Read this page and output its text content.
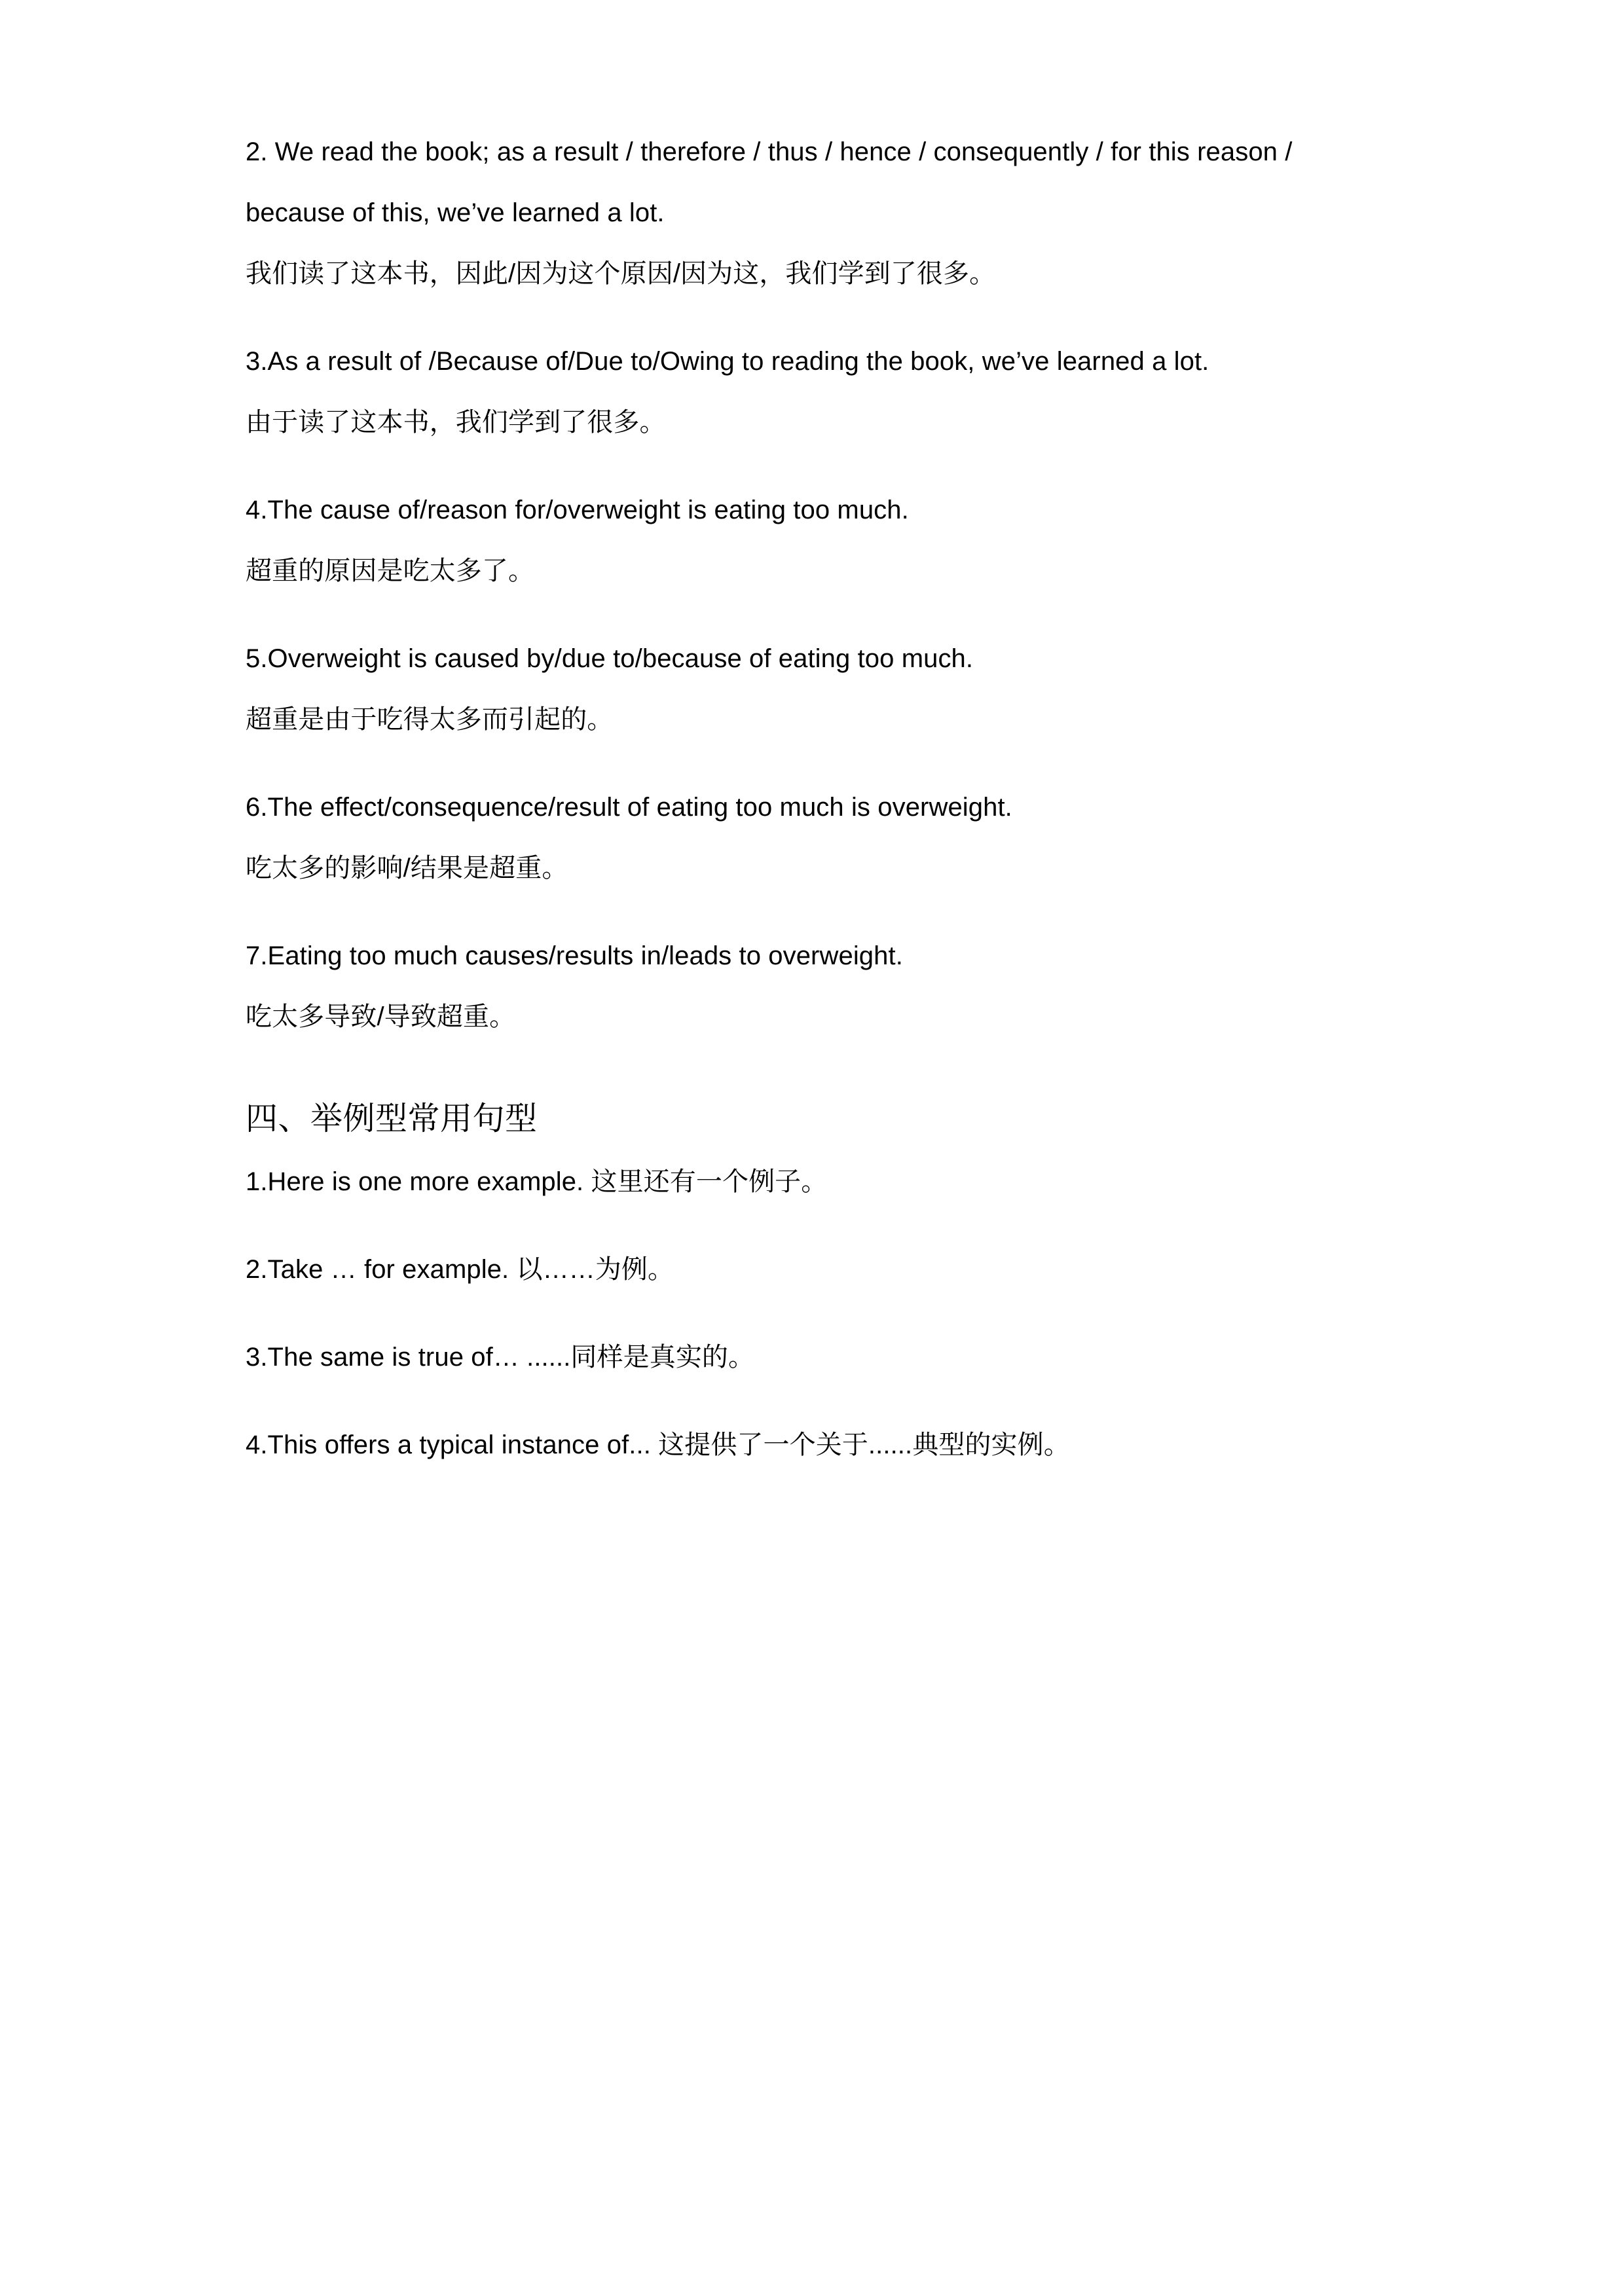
2. We read the book; as a result / therefore / thus / hence / consequently / for this reason / because of this, we’ve learned a lot.
我们读了这本书，因此/因为这个原因/因为这，我们学到了很多。
3.As a result of /Because of/Due to/Owing to reading the book, we’ve learned a lot.
由于读了这本书，我们学到了很多。
4.The cause of/reason for/overweight is eating too much.
超重的原因是吃太多了。
5.Overweight is caused by/due to/because of eating too much.
超重是由于吃得太多而引起的。
6.The effect/consequence/result of eating too much is overweight.
吃太多的影响/结果是超重。
7.Eating too much causes/results in/leads to overweight.
吃太多导致/导致超重。
四、举例型常用句型
1.Here is one more example. 这里还有一个例子。
2.Take … for example. 以……为例。
3.The same is true of… ......同样是真实的。
4.This offers a typical instance of... 这提供了一个关于......典型的实例。
